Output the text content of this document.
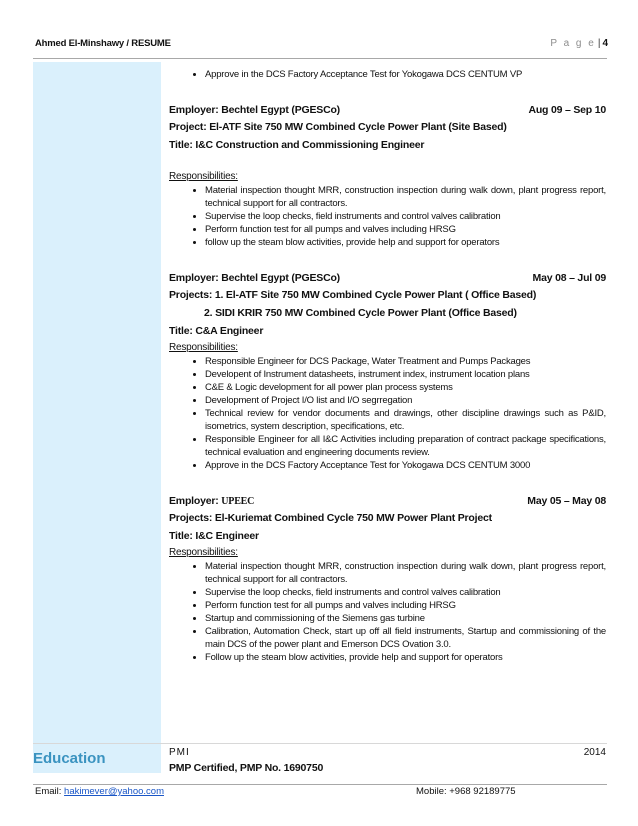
Ahmed El-Minshawy / RESUME	P a g e | 4
• Approve in the DCS Factory Acceptance Test for Yokogawa DCS CENTUM VP
Employer: Bechtel Egypt (PGESCo)	Aug 09 – Sep 10
Project: El-ATF Site 750 MW Combined Cycle Power Plant (Site Based)
Title: I&C Construction and Commissioning Engineer
Responsibilities:
• Material inspection thought MRR, construction inspection during walk down, plant progress report, technical support for all contractors.
• Supervise the loop checks, field instruments and control valves calibration
• Perform function test for all pumps and valves including HRSG
• follow up the steam blow activities, provide help and support for operators
Employer: Bechtel Egypt (PGESCo)	May 08 – Jul 09
Projects: 1. El-ATF Site 750 MW Combined Cycle Power Plant ( Office Based)
2. SIDI KRIR 750 MW Combined Cycle Power Plant (Office Based)
Title: C&A Engineer
Responsibilities:
• Responsible Engineer for DCS Package, Water Treatment and Pumps Packages
• Developent of Instrument datasheets, instrument index, instrument location plans
• C&E & Logic development for all power plan process systems
• Development of Project I/O list and I/O segrregation
• Technical review for vendor documents and drawings, other discipline drawings such as P&ID, isometrics, system description, specifications, etc.
• Responsible Engineer for all I&C Activities including preparation of contract package specifications, technical evaluation and engineering documents review.
• Approve in the DCS Factory Acceptance Test for Yokogawa DCS CENTUM 3000
Employer: UPEEC	May 05 – May 08
Projects: El-Kuriemat Combined Cycle 750 MW Power Plant Project
Title: I&C Engineer
Responsibilities:
• Material inspection thought MRR, construction inspection during walk down, plant progress report, technical support for all contractors.
• Supervise the loop checks, field instruments and control valves calibration
• Perform function test for all pumps and valves including HRSG
• Startup and commissioning of the Siemens gas turbine
• Calibration, Automation Check, start up off all field instruments, Startup and commissioning of the main DCS of the power plant and Emerson DCS Ovation 3.0.
• Follow up the steam blow activities, provide help and support for operators
Education	PMI	2014
PMP Certified, PMP No. 1690750
Email: hakimever@yahoo.com	Mobile: +968 92189775
